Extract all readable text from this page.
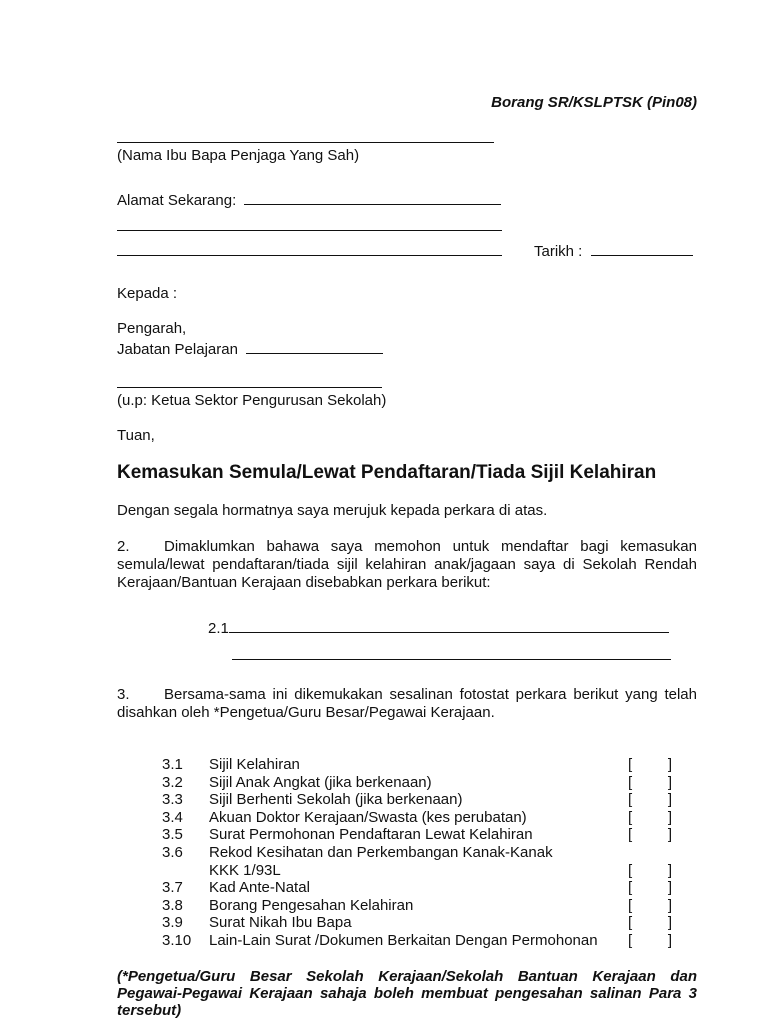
Borang SR/KSLPTSK (Pin08)
(Nama Ibu Bapa Penjaga Yang Sah)
Alamat Sekarang:
Tarikh :
Kepada :
Pengarah,
Jabatan Pelajaran
(u.p: Ketua Sektor Pengurusan Sekolah)
Tuan,
Kemasukan Semula/Lewat Pendaftaran/Tiada Sijil Kelahiran
Dengan segala hormatnya saya merujuk kepada perkara di atas.
2. Dimaklumkan bahawa saya memohon untuk mendaftar bagi kemasukan semula/lewat pendaftaran/tiada sijil kelahiran anak/jagaan saya di Sekolah Rendah Kerajaan/Bantuan Kerajaan disebabkan perkara berikut:
2.1
3. Bersama-sama ini dikemukakan sesalinan fotostat perkara berikut yang telah disahkan oleh *Pengetua/Guru Besar/Pegawai Kerajaan.
3.1	Sijil Kelahiran	[ ]
3.2	Sijil Anak Angkat (jika berkenaan)	[ ]
3.3	Sijil Berhenti Sekolah (jika berkenaan)	[ ]
3.4	Akuan Doktor Kerajaan/Swasta (kes perubatan)	[ ]
3.5	Surat Permohonan Pendaftaran Lewat Kelahiran	[ ]
3.6	Rekod Kesihatan dan Perkembangan Kanak-Kanak
KKK 1/93L	[ ]
3.7	Kad Ante-Natal	[ ]
3.8	Borang Pengesahan Kelahiran	[ ]
3.9	Surat Nikah Ibu Bapa	[ ]
3.10	Lain-Lain Surat /Dokumen Berkaitan Dengan Permohonan	[ ]
(*Pengetua/Guru Besar Sekolah Kerajaan/Sekolah Bantuan Kerajaan dan Pegawai-Pegawai Kerajaan sahaja boleh membuat pengesahan salinan Para 3 tersebut)
